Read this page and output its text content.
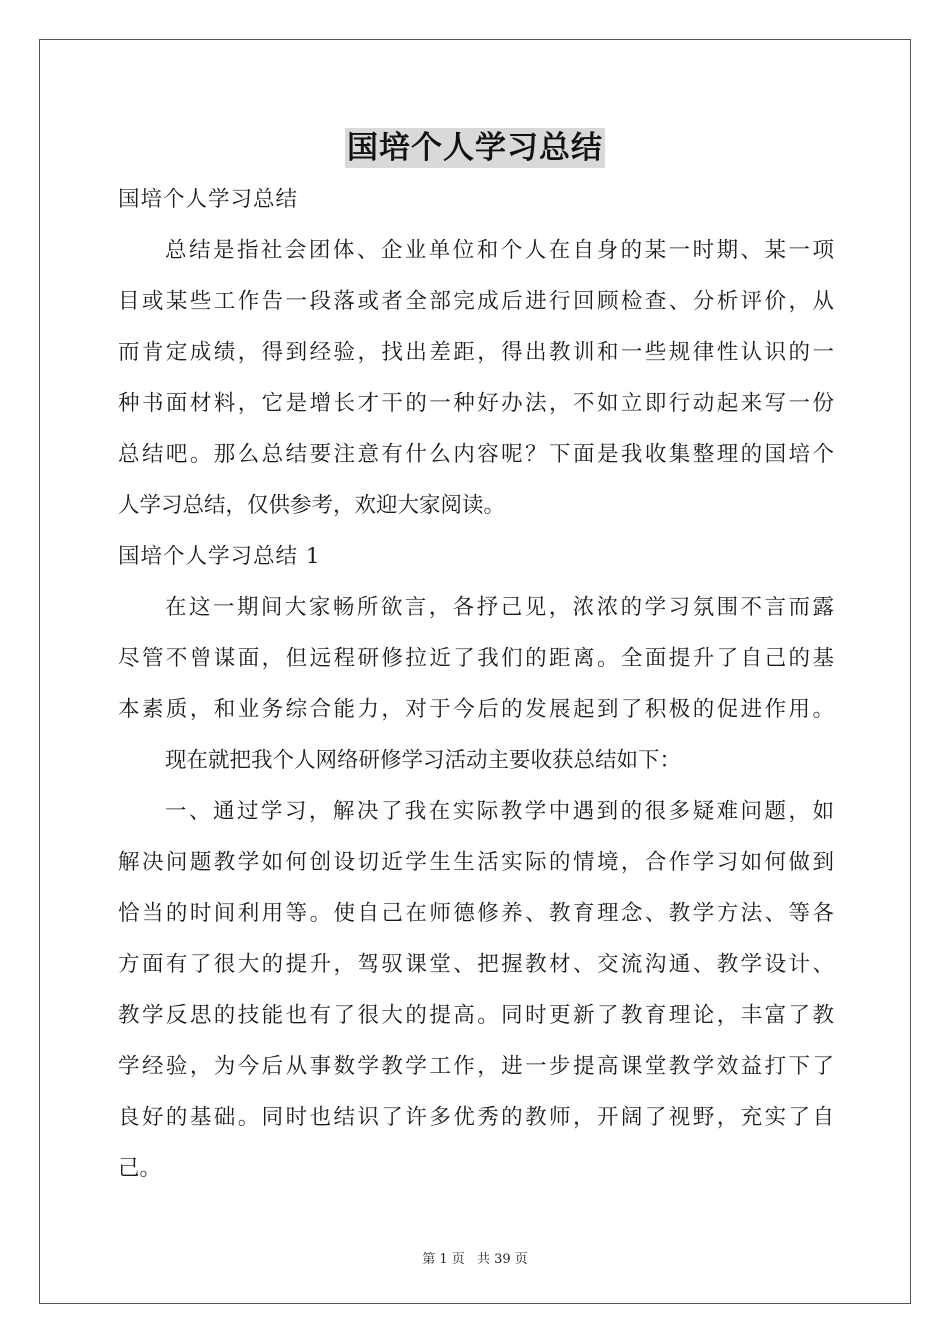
国培个人学习总结
国培个人学习总结
总结是指社会团体、企业单位和个人在自身的某一时期、某一项
目或某些工作告一段落或者全部完成后进行回顾检查、分析评价，从
而肯定成绩，得到经验，找出差距，得出教训和一些规律性认识的一
种书面材料，它是增长才干的一种好办法，不如立即行动起来写一份
总结吧。那么总结要注意有什么内容呢？下面是我收集整理的国培个
人学习总结，仅供参考，欢迎大家阅读。
国培个人学习总结 1
在这一期间大家畅所欲言，各抒己见，浓浓的学习氛围不言而露
尽管不曾谋面，但远程研修拉近了我们的距离。全面提升了自己的基
本素质，和业务综合能力，对于今后的发展起到了积极的促进作用。
现在就把我个人网络研修学习活动主要收获总结如下：
一、通过学习，解决了我在实际教学中遇到的很多疑难问题，如
解决问题教学如何创设切近学生生活实际的情境，合作学习如何做到
恰当的时间利用等。使自己在师德修养、教育理念、教学方法、等各
方面有了很大的提升，驾驭课堂、把握教材、交流沟通、教学设计、
教学反思的技能也有了很大的提高。同时更新了教育理论，丰富了教
学经验，为今后从事数学教学工作，进一步提高课堂教学效益打下了
良好的基础。同时也结识了许多优秀的教师，开阔了视野，充实了自
己。
第 1 页 共 39 页
